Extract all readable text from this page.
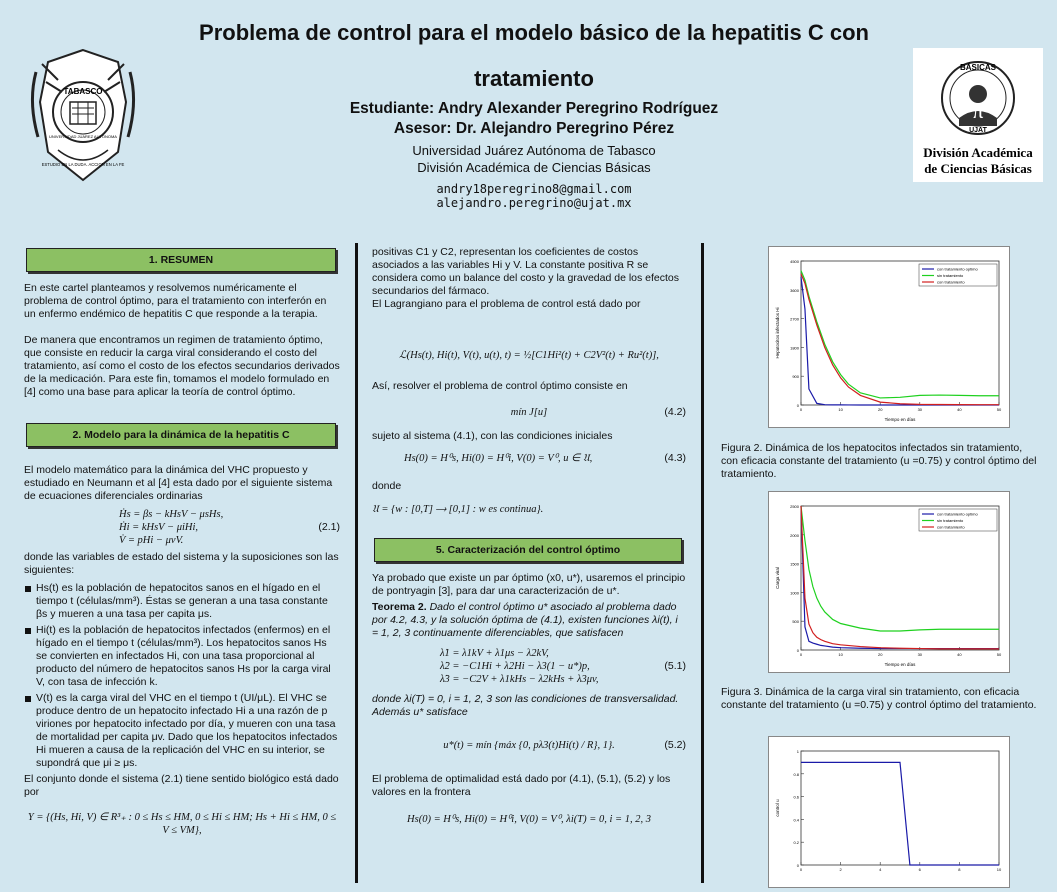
TABASCO
UNIVERSIDAD JUAREZ AUTONOMA
ESTUDIO EN LA DUDA. ACCION EN LA FE
Problema de control para el modelo básico de la hepatitis C con
tratamiento
Estudiante: Andry Alexander Peregrino Rodríguez
Asesor: Dr. Alejandro Peregrino Pérez
Universidad Juárez Autónoma de Tabasco
División Académica de Ciencias Básicas
andry18peregrino8@gmail.com
alejandro.peregrino@ujat.mx
π
BÁSICAS
UJAT
División Académica
de Ciencias Básicas
1. RESUMEN

En este cartel planteamos y resolvemos numéricamente el problema de control óptimo, para el tratamiento con interferón en un enfermo endémico de hepatitis C que responde a la terapia.

De manera que encontramos un regimen de tratamiento óptimo, que consiste en reducir la carga viral considerando el costo del tratamiento, así como el costo de los efectos secundarios derivados de la medicación. Para este fin, tomamos el modelo formulado en [4] como una base para aplicar la teoría de control óptimo.

2. Modelo para la dinámica de la hepatitis C

El modelo matemático para la dinámica del VHC propuesto y estudiado en Neumann et al [4] esta dado por el siguiente sistema de ecuaciones diferenciales ordinarias

Ḣs = βs − kHsV − μsHs,
Ḣi = kHsV − μiHi,
V̇ = pHi − μvV.
(2.1)

donde las variables de estado del sistema y la suposiciones son las siguientes:

Hs(t) es la población de hepatocitos sanos en el hígado en el tiempo t (células/mm³). Éstas se generan a una tasa constante βs y mueren a una tasa per capita μs.
Hi(t) es la población de hepatocitos infectados (enfermos) en el hígado en el tiempo t (células/mm³). Los hepatocitos sanos Hs se convierten en infectados Hi, con una tasa proporcional al producto del número de hepatocitos sanos Hs por la carga viral V, con tasa de infección k.
V(t) es la carga viral del VHC en el tiempo t (UI/μL). El VHC se produce dentro de un hepatocito infectado Hi a una razón de p viriones por hepatocito infectado por día, y mueren con una tasa de mortalidad per capita μv. Dado que los hepatocitos infectados Hi mueren a causa de la replicación del VHC en su interior, se supondrá que μi ≥ μs.

El conjunto donde el sistema (2.1) tiene sentido biológico está dado por

Υ = {(Hs, Hi, V) ∈ R³₊ : 0 ≤ Hs ≤ HM, 0 ≤ Hi ≤ HM; Hs + Hi ≤ HM, 0 ≤ V ≤ VM},

positivas C1 y C2, representan los coeficientes de costos asociados a las variables Hi y V. La constante positiva R se considera como un balance del costo y la gravedad de los efectos secundarios del fármaco.

El Lagrangiano para el problema de control está dado por

ℒ(Hs(t), Hi(t), V(t), u(t), t) = ½[C1Hi²(t) + C2V²(t) + Ru²(t)],

Así, resolver el problema de control óptimo consiste en

mín J[u]	(4.2)

sujeto al sistema (4.1), con las condiciones iniciales

Hs(0) = H⁰s, Hi(0) = H⁰i, V(0) = V⁰, u ∈ 𝔘,	(4.3)

donde

𝔘 = {w : [0,T] ⟶ [0,1] : w es continua}.
5. Caracterización del control óptimo

Ya probado que existe un par óptimo (x0, u*), usaremos el principio de pontryagin [3], para dar una caracterización de u*.

Teorema 2. Dado el control óptimo u* asociado al problema dado por 4.2, 4.3, y la solución óptima de (4.1), existen funciones λi(t), i = 1, 2, 3 continuamente diferenciables, que satisfacen

λ̇1 = λ1kV + λ1μs − λ2kV,
λ̇2 = −C1Hi + λ2Hi − λ3(1 − u*)p,
λ̇3 = −C2V + λ1kHs − λ2kHs + λ3μv,
(5.1)

donde λi(T) = 0, i = 1, 2, 3 son las condiciones de transversalidad.

Además u* satisface

u*(t) = mín {máx {0, pλ3(t)Hi(t) / R}, 1}.	(5.2)

El problema de optimalidad está dado por (4.1), (5.1), (5.2) y los valores en la frontera

Hs(0) = H⁰s, Hi(0) = H⁰i, V(0) = V⁰, λi(T) = 0, i = 1, 2, 3
0
900
1800
2700
3600
4500
0	10	20	30	40	50
Tiempo en días
Hepatocitos infectados Hi
con tratamiento optimo
sin tratamiento
con tratamiento
Figura 2. Dinámica de los hepatocitos infectados sin tratamiento, con eficacia constante del tratamiento (u =0.75) y control óptimo del tratamiento.
0
500
1000
1500
2000
2500
0	10	20	30	40	50
Tiempo en días
Carga viral
con tratamiento optimo
sin tratamiento
con tratamiento
Figura 3. Dinámica de la carga viral sin tratamiento, con eficacia constante del tratamiento (u =0.75) y control óptimo del tratamiento.
0
0.2
0.4
0.6
0.8
1
0	2	4	6	8	10
control u
